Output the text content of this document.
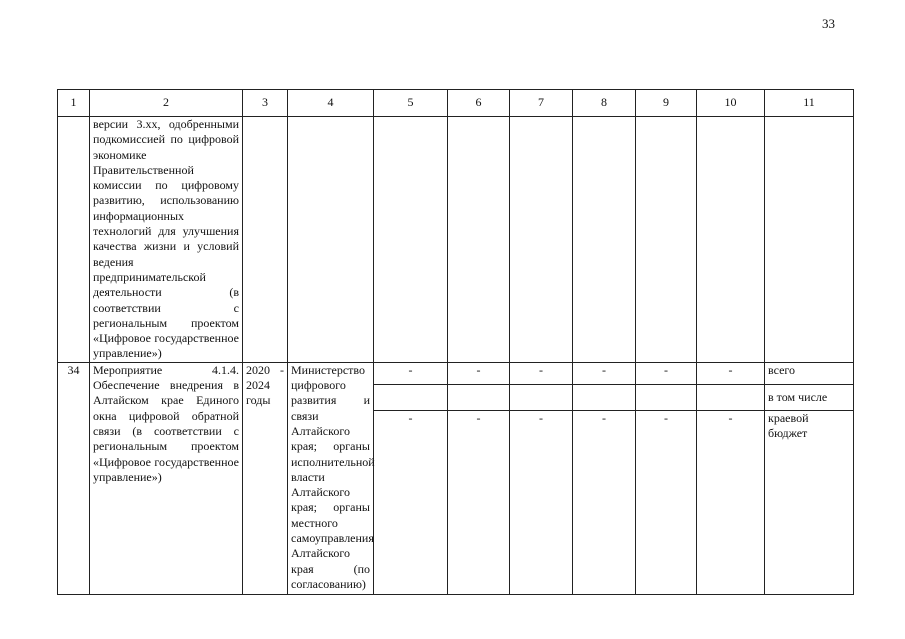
33
1	2	3	4	5	6	7	8	9	10	11
	версии 3.хх, одобренными подкомиссией по цифровой экономике Правительственной комиссии по цифровому развитию, использованию информационных технологий для улучшения качества жизни и условий ведения предпринимательской деятельности (в соответствии с региональным проектом «Цифровое государственное управление»)									
34	Мероприятие 4.1.4. Обеспечение внедрения в Алтайском крае Единого окна цифровой обратной связи (в соответствии с региональным проектом «Цифровое государственное управление»)	2020 - 2024 годы	Министерство цифрового развития и связи Алтайского края; органы исполнительной власти Алтайского края; органы местного самоуправления Алтайского края (по согласованию)	-	-	-	-	-	-	всего
										в том числе
				-	-	-	-	-	-	краевой бюджет
